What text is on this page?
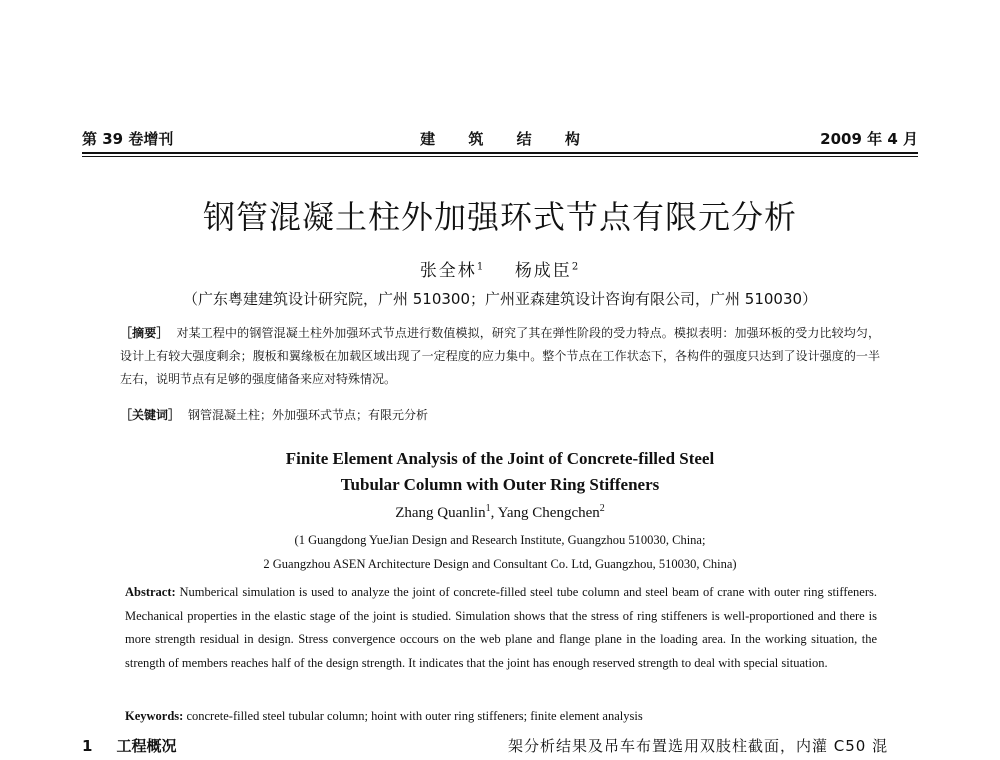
第 39 卷增刊	建 筑 结 构	2009 年 4 月
钢管混凝土柱外加强环式节点有限元分析
张全林$^1$ 杨成臣$^2$
（广东粤建建筑设计研究院，广州 510300；广州亚森建筑设计咨询有限公司，广州 510030）
［摘要］ 对某工程中的钢管混凝土柱外加强环式节点进行数值模拟，研究了其在弹性阶段的受力特点。模拟表明：加强环板的受力比较均匀，设计上有较大强度剩余；腹板和翼缘板在加载区域出现了一定程度的应力集中。整个节点在工作状态下，各构件的强度只达到了设计强度的一半左右，说明节点有足够的强度储备来应对特殊情况。
［关键词］ 钢管混凝土柱；外加强环式节点；有限元分析
Finite Element Analysis of the Joint of Concrete-filled Steel
Tubular Column with Outer Ring Stiffeners
Zhang Quanlin$^1$, Yang Chengchen$^2$
(1 Guangdong YueJian Design and Research Institute, Guangzhou 510030, China;
2 Guangzhou ASEN Architecture Design and Consultant Co. Ltd, Guangzhou, 510030, China)
Abstract: Numberical simulation is used to analyze the joint of concrete-filled steel tube column and steel beam of crane with outer ring stiffeners. Mechanical properties in the elastic stage of the joint is studied. Simulation shows that the stress of ring stiffeners is well-proportioned and there is more strength residual in design. Stress convergence occours on the web plane and flange plane in the loading area. In the working situation, the strength of members reaches half of the design strength. It indicates that the joint has enough reserved strength to deal with special situation.
Keywords: concrete-filled steel tubular column; hoint with outer ring stiffeners; finite element analysis
1 工程概况	架分析结果及吊车布置选用双肢柱截面，内灌 C50 混
